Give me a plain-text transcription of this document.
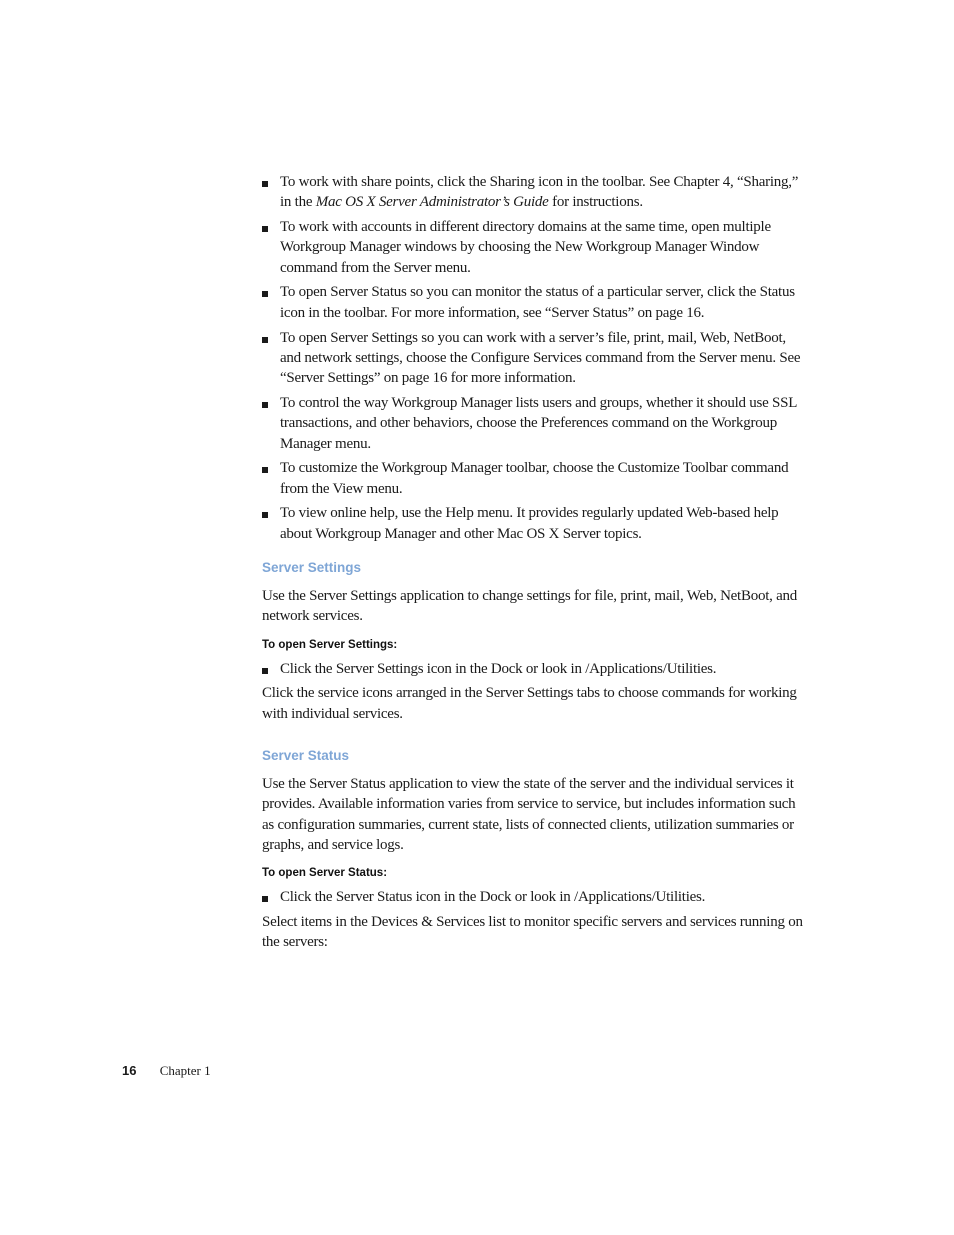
To work with share points, click the Sharing icon in the toolbar. See Chapter 4, “Sharing,” in the Mac OS X Server Administrator’s Guide for instructions.
To work with accounts in different directory domains at the same time, open multiple Workgroup Manager windows by choosing the New Workgroup Manager Window command from the Server menu.
To open Server Status so you can monitor the status of a particular server, click the Status icon in the toolbar. For more information, see “Server Status” on page 16.
To open Server Settings so you can work with a server’s file, print, mail, Web, NetBoot, and network settings, choose the Configure Services command from the Server menu. See “Server Settings” on page 16 for more information.
To control the way Workgroup Manager lists users and groups, whether it should use SSL transactions, and other behaviors, choose the Preferences command on the Workgroup Manager menu.
To customize the Workgroup Manager toolbar, choose the Customize Toolbar command from the View menu.
To view online help, use the Help menu. It provides regularly updated Web-based help about Workgroup Manager and other Mac OS X Server topics.
Server Settings

Use the Server Settings application to change settings for file, print, mail, Web, NetBoot, and network services.

To open Server Settings:
Click the Server Settings icon in the Dock or look in /Applications/Utilities.

Click the service icons arranged in the Server Settings tabs to choose commands for working with individual services.

Server Status

Use the Server Status application to view the state of the server and the individual services it provides. Available information varies from service to service, but includes information such as configuration summaries, current state, lists of connected clients, utilization summaries or graphs, and service logs.

To open Server Status:
Click the Server Status icon in the Dock or look in /Applications/Utilities.

Select items in the Devices & Services list to monitor specific servers and services running on the servers:

16 Chapter 1
